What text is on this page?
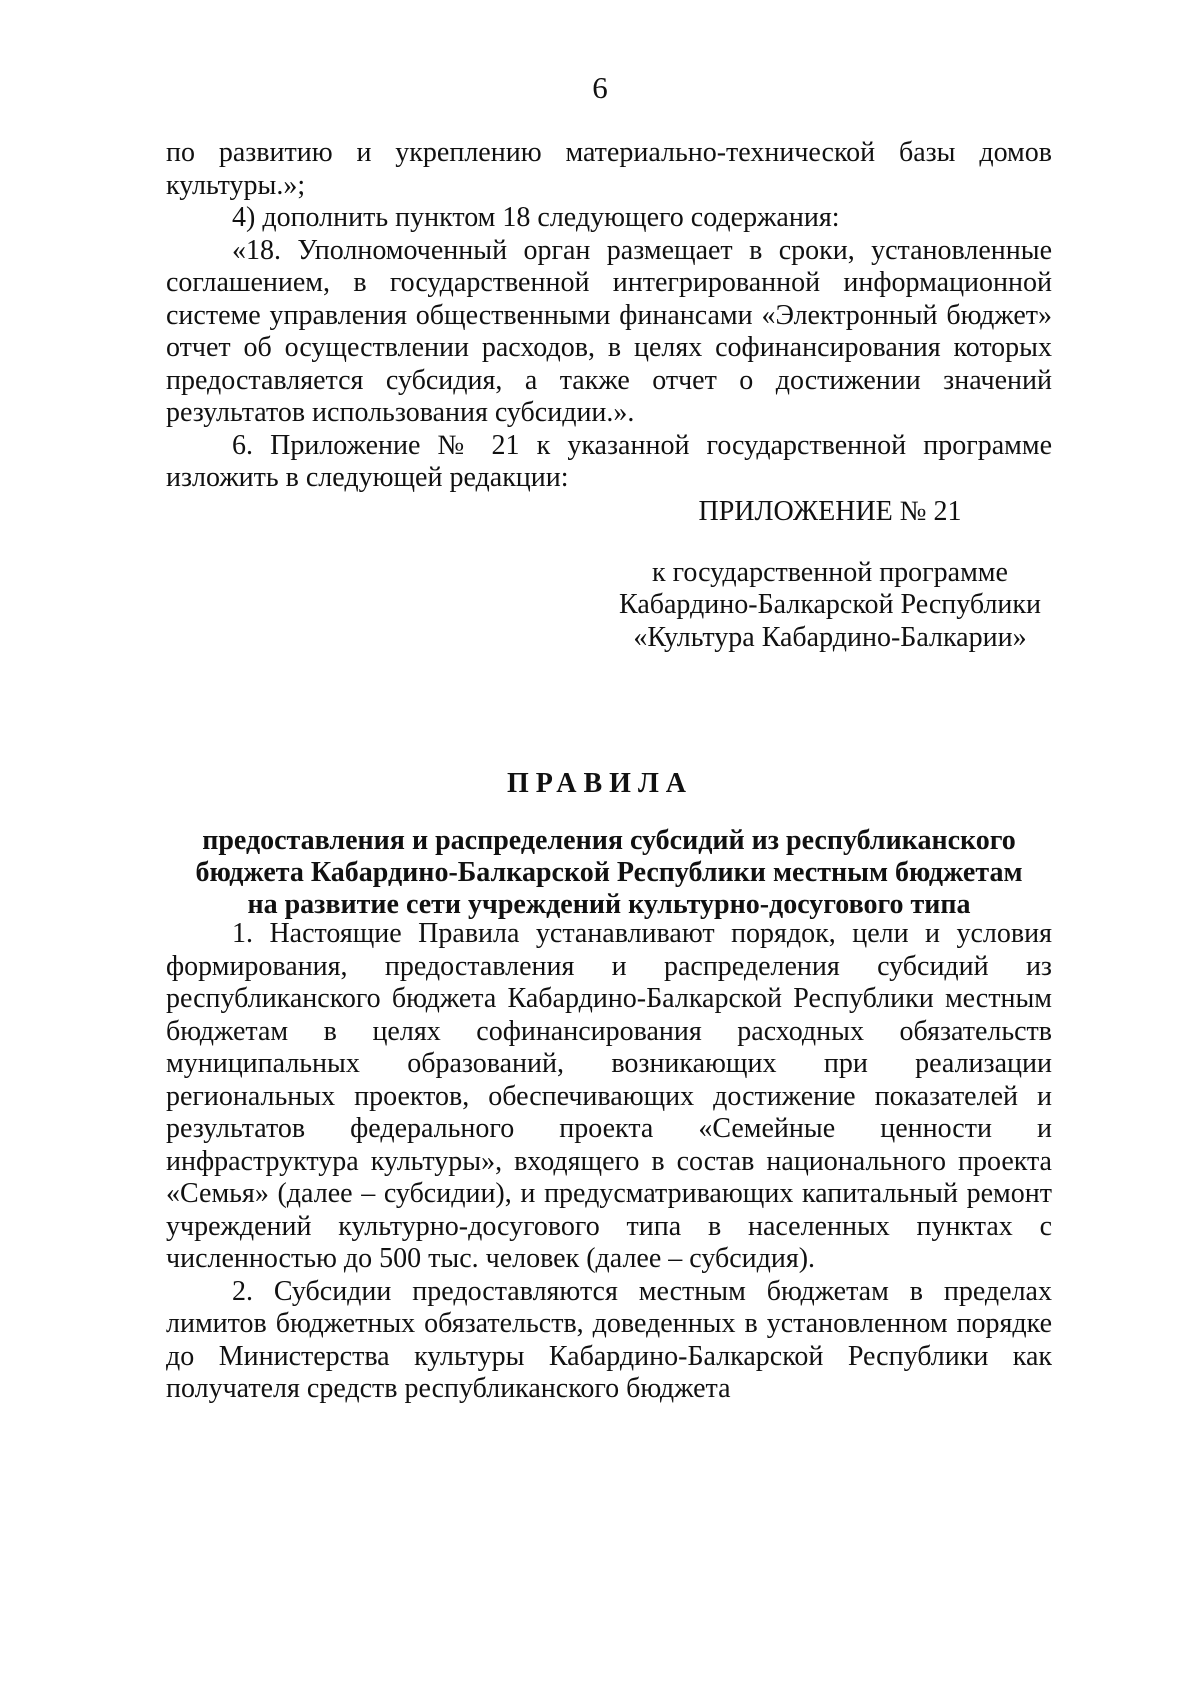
6

по развитию и укреплению материально-технической базы домов культуры.»;

4) дополнить пунктом 18 следующего содержания:

«18. Уполномоченный орган размещает в сроки, установленные соглашением, в государственной интегрированной информационной системе управления общественными финансами «Электронный бюджет» отчет об осуществлении расходов, в целях софинансирования которых предоставляется субсидия, а также отчет о достижении значений результатов использования субсидии.».

6. Приложение № 21 к указанной государственной программе изложить в следующей редакции:

ПРИЛОЖЕНИЕ № 21

к государственной программе

Кабардино-Балкарской Республики

«Культура Кабардино-Балкарии»

ПРАВИЛА

предоставления и распределения субсидий из республиканского

бюджета Кабардино-Балкарской Республики местным бюджетам

на развитие сети учреждений культурно-досугового типа

1. Настоящие Правила устанавливают порядок, цели и условия формирования, предоставления и распределения субсидий из республиканского бюджета Кабардино-Балкарской Республики местным бюджетам в целях софинансирования расходных обязательств муниципальных образований, возникающих при реализации региональных проектов, обеспечивающих достижение показателей и результатов федерального проекта «Семейные ценности и инфраструктура культуры», входящего в состав национального проекта «Семья» (далее – субсидии), и предусматривающих капитальный ремонт учреждений культурно-досугового типа в населенных пунктах с численностью до 500 тыс. человек (далее – субсидия).

2. Субсидии предоставляются местным бюджетам в пределах лимитов бюджетных обязательств, доведенных в установленном порядке до Министерства культуры Кабардино-Балкарской Республики как получателя средств республиканского бюджета
